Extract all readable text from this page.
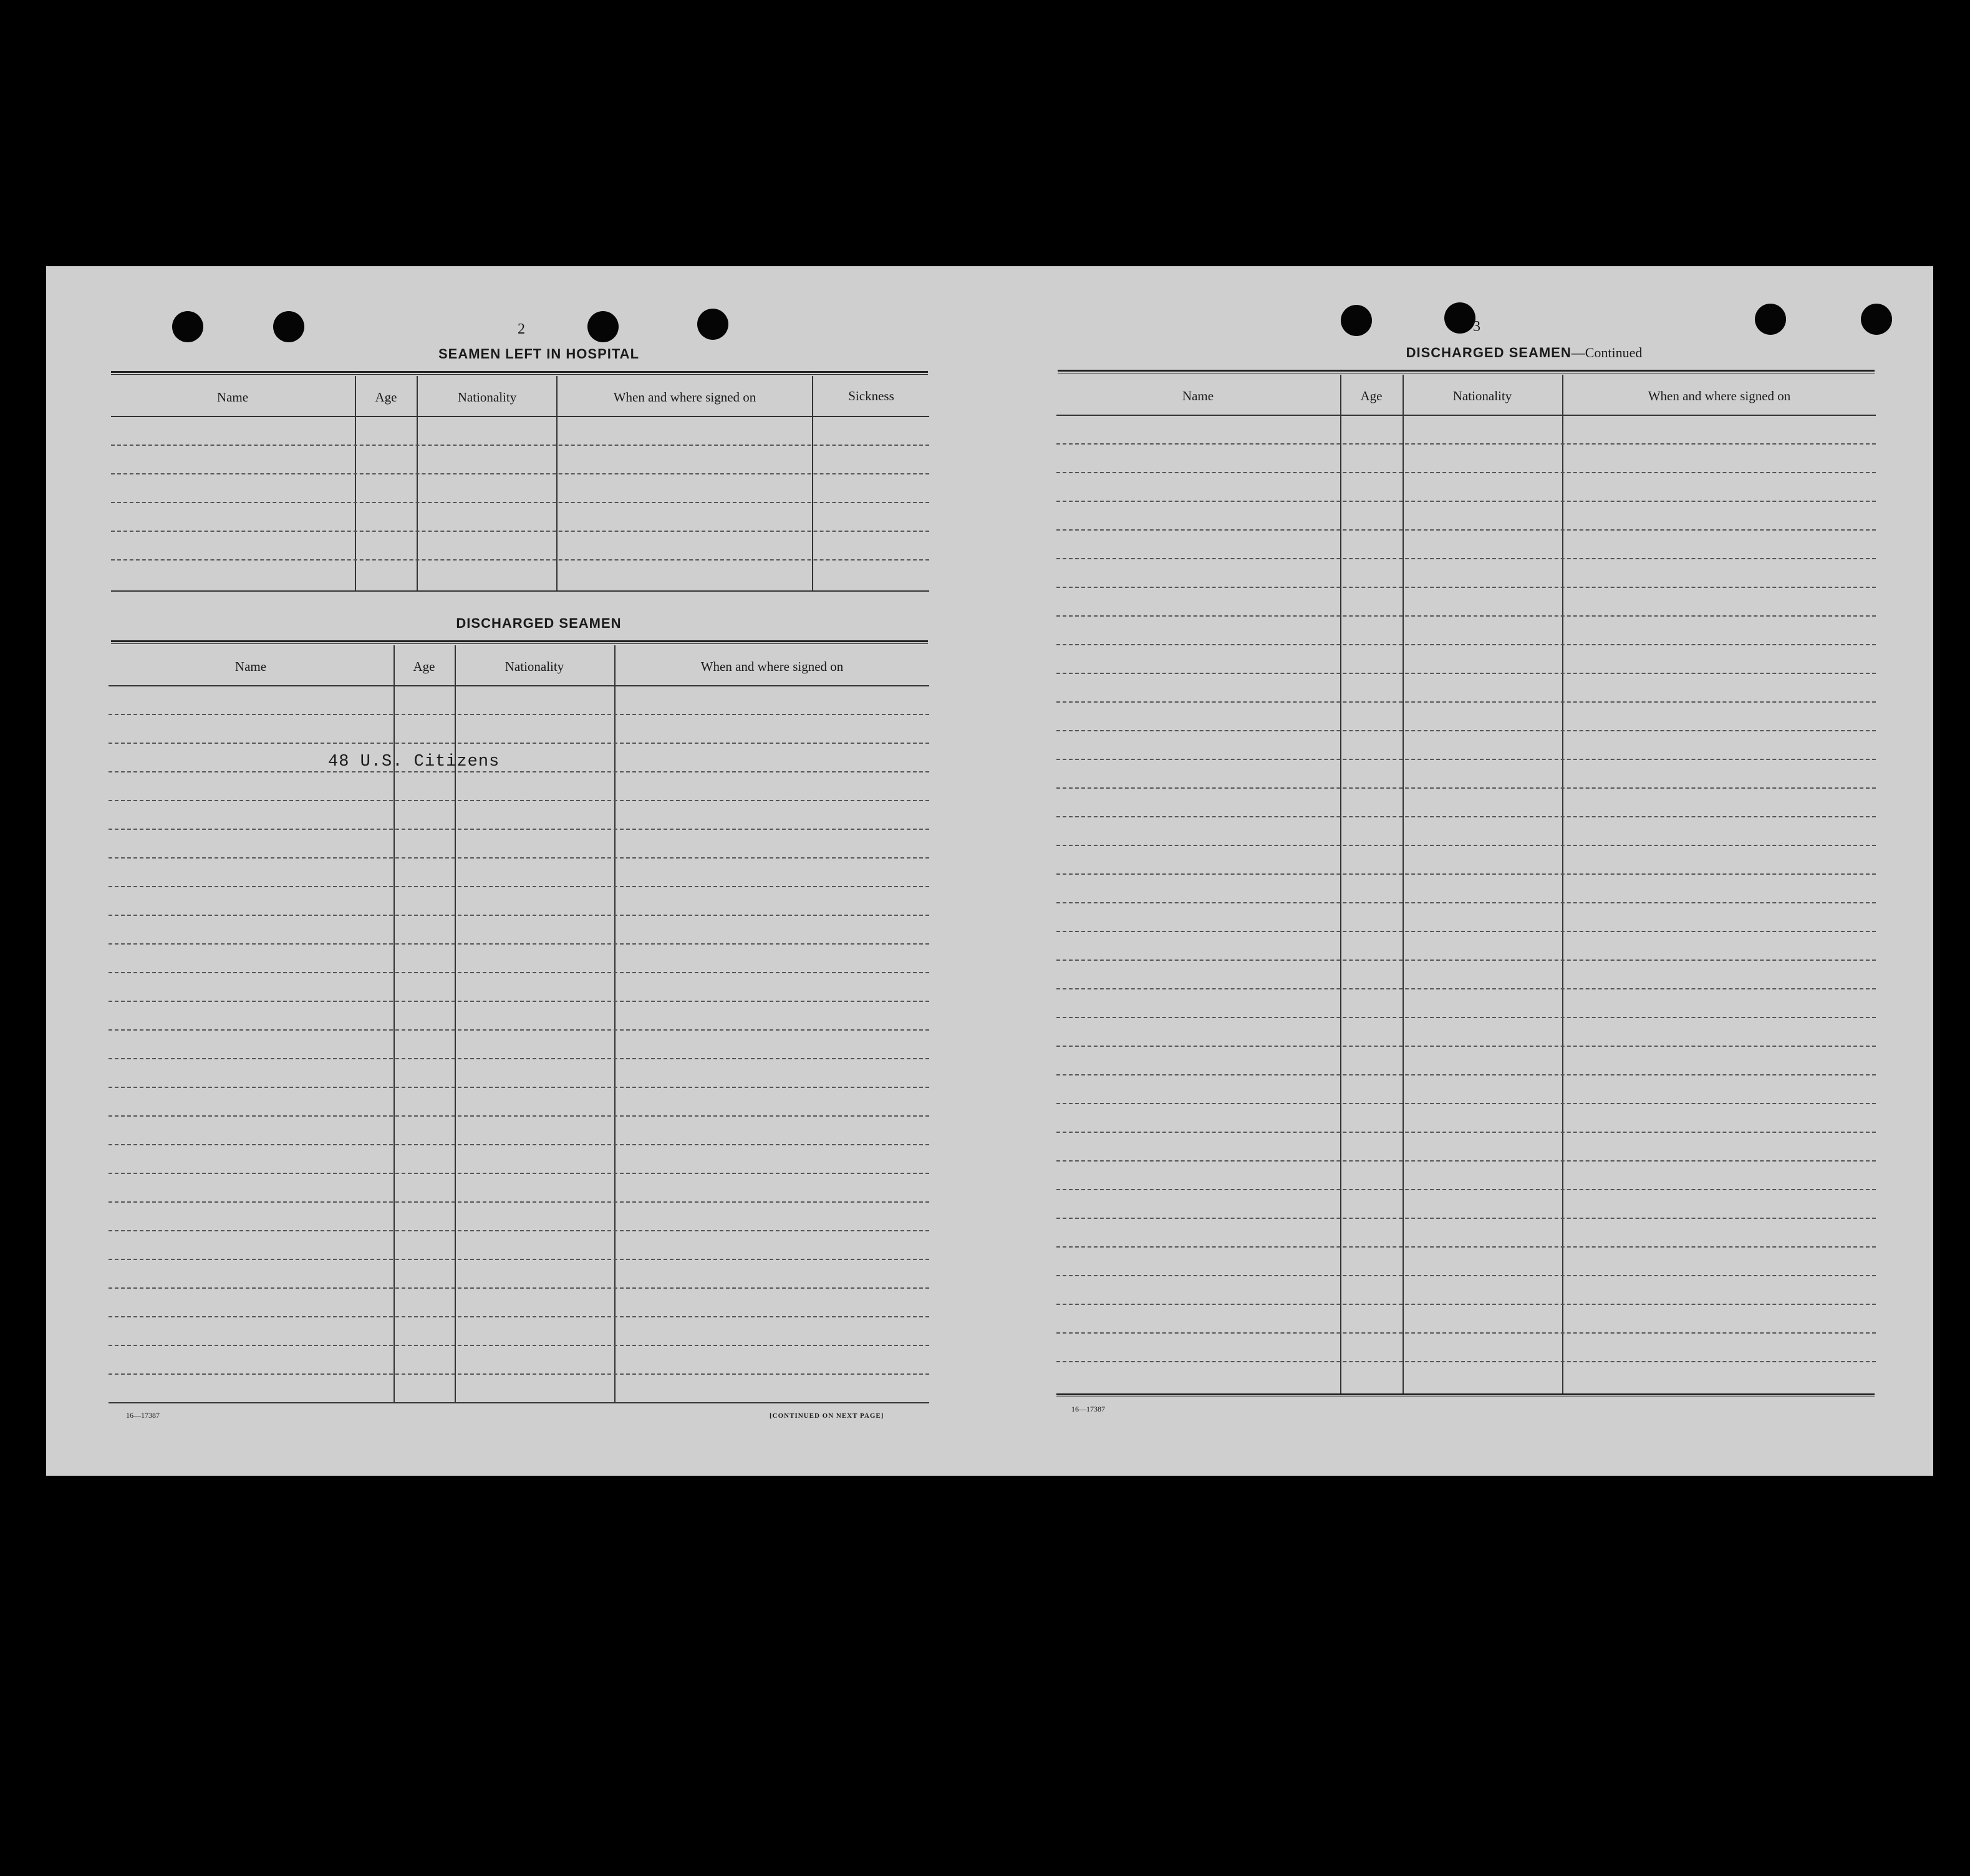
2
SEAMEN LEFT IN HOSPITAL
Name	Age	Nationality	When and where signed on	Sickness
DISCHARGED SEAMEN
Name	Age	Nationality	When and where signed on
48 U.S. Citizens
16—17387	[CONTINUED ON NEXT PAGE]
3
DISCHARGED SEAMEN—Continued
Name	Age	Nationality	When and where signed on
16—17387
